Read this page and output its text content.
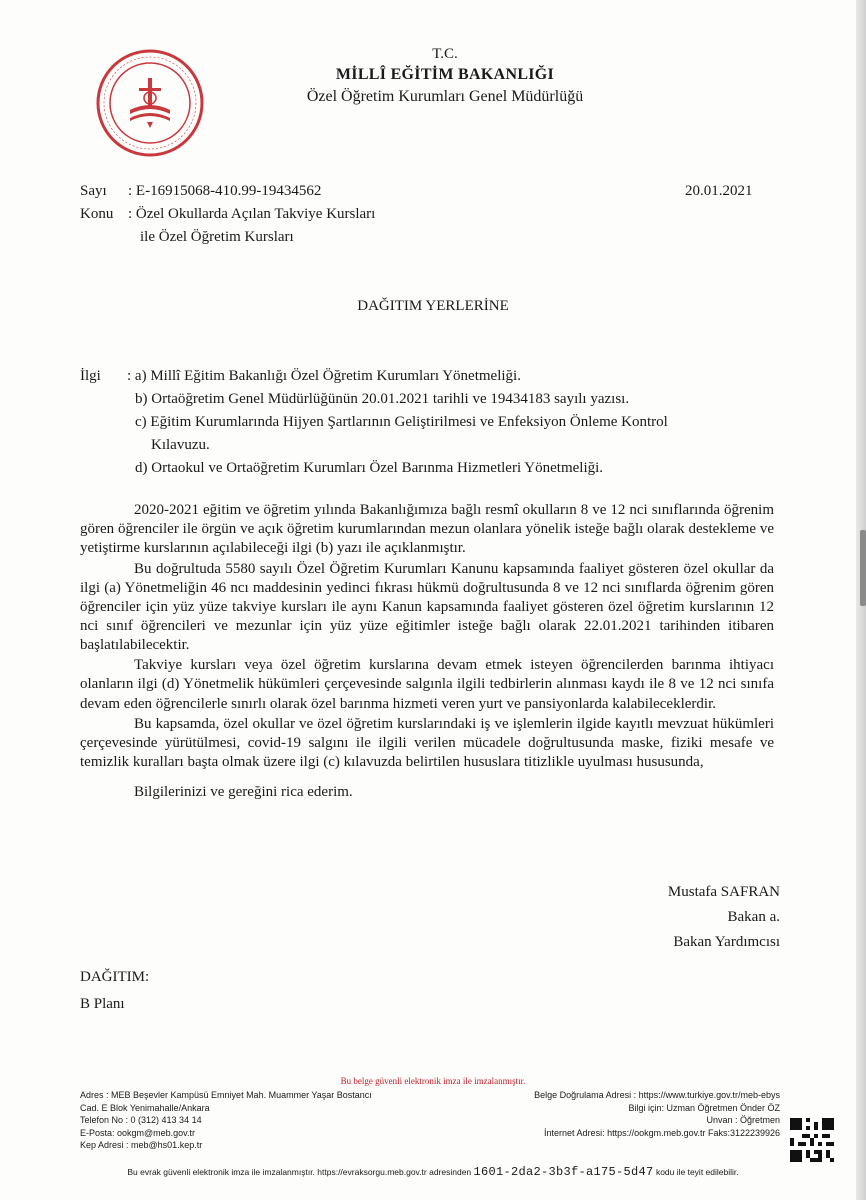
T.C.
MİLLÎ EĞİTİM BAKANLIĞI
Özel Öğretim Kurumları Genel Müdürlüğü
Sayı : E-16915068-410.99-19434562	20.01.2021
Konu : Özel Okullarda Açılan Takviye Kursları
ile Özel Öğretim Kursları
DAĞITIM YERLERİNE
İlgi : a) Millî Eğitim Bakanlığı Özel Öğretim Kurumları Yönetmeliği.
b) Ortaöğretim Genel Müdürlüğünün 20.01.2021 tarihli ve 19434183 sayılı yazısı.
c) Eğitim Kurumlarında Hijyen Şartlarının Geliştirilmesi ve Enfeksiyon Önleme Kontrol
Kılavuzu.
d) Ortaokul ve Ortaöğretim Kurumları Özel Barınma Hizmetleri Yönetmeliği.

2020-2021 eğitim ve öğretim yılında Bakanlığımıza bağlı resmî okulların 8 ve 12 nci sınıflarında öğrenim gören öğrenciler ile örgün ve açık öğretim kurumlarından mezun olanlara yönelik isteğe bağlı olarak destekleme ve yetiştirme kurslarının açılabileceği ilgi (b) yazı ile açıklanmıştır.

Bu doğrultuda 5580 sayılı Özel Öğretim Kurumları Kanunu kapsamında faaliyet gösteren özel okullar da ilgi (a) Yönetmeliğin 46 ncı maddesinin yedinci fıkrası hükmü doğrultusunda 8 ve 12 nci sınıflarda öğrenim gören öğrenciler için yüz yüze takviye kursları ile aynı Kanun kapsamında faaliyet gösteren özel öğretim kurslarının 12 nci sınıf öğrencileri ve mezunlar için yüz yüze eğitimler isteğe bağlı olarak 22.01.2021 tarihinden itibaren başlatılabilecektir.

Takviye kursları veya özel öğretim kurslarına devam etmek isteyen öğrencilerden barınma ihtiyacı olanların ilgi (d) Yönetmelik hükümleri çerçevesinde salgınla ilgili tedbirlerin alınması kaydı ile 8 ve 12 nci sınıfa devam eden öğrencilerle sınırlı olarak özel barınma hizmeti veren yurt ve pansiyonlarda kalabileceklerdir.

Bu kapsamda, özel okullar ve özel öğretim kurslarındaki iş ve işlemlerin ilgide kayıtlı mevzuat hükümleri çerçevesinde yürütülmesi, covid-19 salgını ile ilgili verilen mücadele doğrultusunda maske, fiziki mesafe ve temizlik kuralları başta olmak üzere ilgi (c) kılavuzda belirtilen hususlara titizlikle uyulması hususunda,

Bilgilerinizi ve gereğini rica ederim.

Mustafa SAFRAN
Bakan a.
Bakan Yardımcısı
DAĞITIM:
B Planı
Bu belge güvenli elektronik imza ile imzalanmıştır.
Adres : MEB Beşevler Kampüsü Emniyet Mah. Muammer Yaşar Bostancı
Cad. E Blok Yenimahalle/Ankara
Telefon No : 0 (312) 413 34 14
E-Posta: ookgm@meb.gov.tr
Kep Adresi : meb@hs01.kep.tr
Belge Doğrulama Adresi : https://www.turkiye.gov.tr/meb-ebys
Bilgi için: Uzman Öğretmen Önder ÖZ
Unvan : Öğretmen
İnternet Adresi: https://ookgm.meb.gov.tr Faks:3122239926
Bu evrak güvenli elektronik imza ile imzalanmıştır. https://evraksorgu.meb.gov.tr adresinden 1601-2da2-3b3f-a175-5d47 kodu ile teyit edilebilir.
